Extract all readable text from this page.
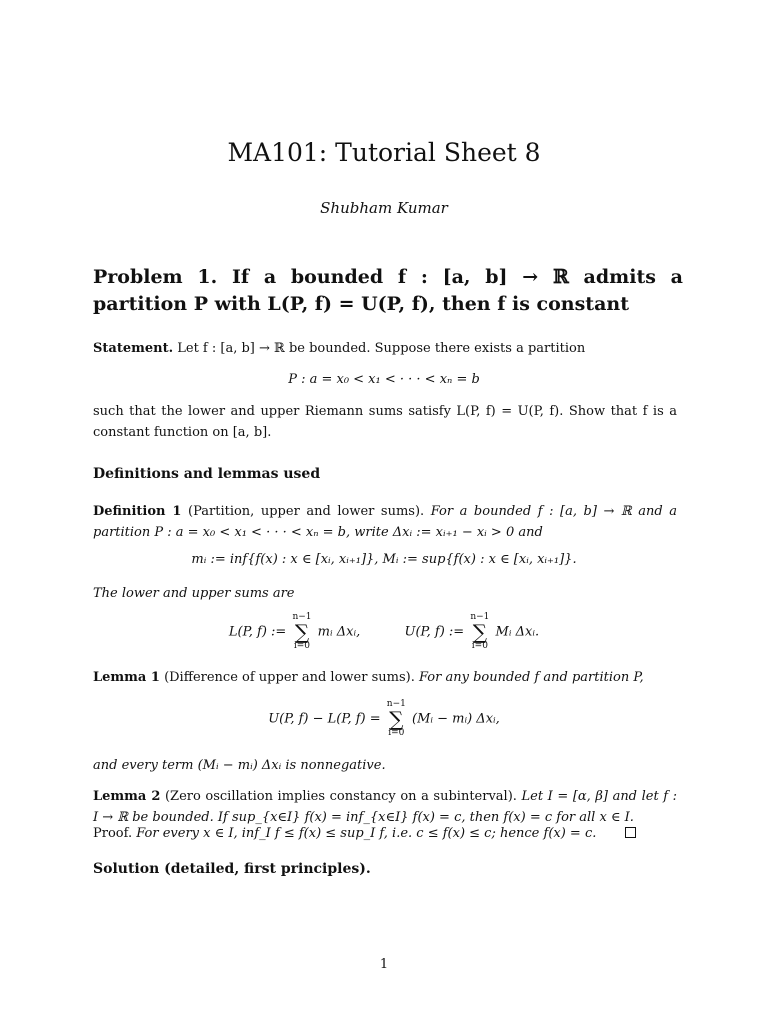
MA101: Tutorial Sheet 8
Shubham Kumar
Problem 1. If a bounded f : [a, b] → ℝ admits a partition P with L(P, f) = U(P, f), then f is constant
Statement. Let f : [a, b] → ℝ be bounded. Suppose there exists a partition
P : a = x₀ < x₁ < · · · < xₙ = b
such that the lower and upper Riemann sums satisfy L(P, f) = U(P, f). Show that f is a constant function on [a, b].
Definitions and lemmas used
Definition 1 (Partition, upper and lower sums). For a bounded f : [a, b] → ℝ and a partition P : a = x₀ < x₁ < · · · < xₙ = b, write Δxᵢ := xᵢ₊₁ − xᵢ > 0 and
mᵢ := inf{f(x) : x ∈ [xᵢ, xᵢ₊₁]}, Mᵢ := sup{f(x) : x ∈ [xᵢ, xᵢ₊₁]}.
The lower and upper sums are
L(P, f) :=
n−1
∑
i=0
mᵢ Δxᵢ,	U(P, f) :=
n−1
∑
i=0
Mᵢ Δxᵢ.
Lemma 1 (Difference of upper and lower sums). For any bounded f and partition P,
U(P, f) − L(P, f) =
n−1
∑
i=0
(Mᵢ − mᵢ) Δxᵢ,
and every term (Mᵢ − mᵢ) Δxᵢ is nonnegative.
Lemma 2 (Zero oscillation implies constancy on a subinterval). Let I = [α, β] and let f : I → ℝ be bounded. If sup_{x∈I} f(x) = inf_{x∈I} f(x) = c, then f(x) = c for all x ∈ I.
Proof. For every x ∈ I, inf_I f ≤ f(x) ≤ sup_I f, i.e. c ≤ f(x) ≤ c; hence f(x) = c.
Solution (detailed, first principles).
1
